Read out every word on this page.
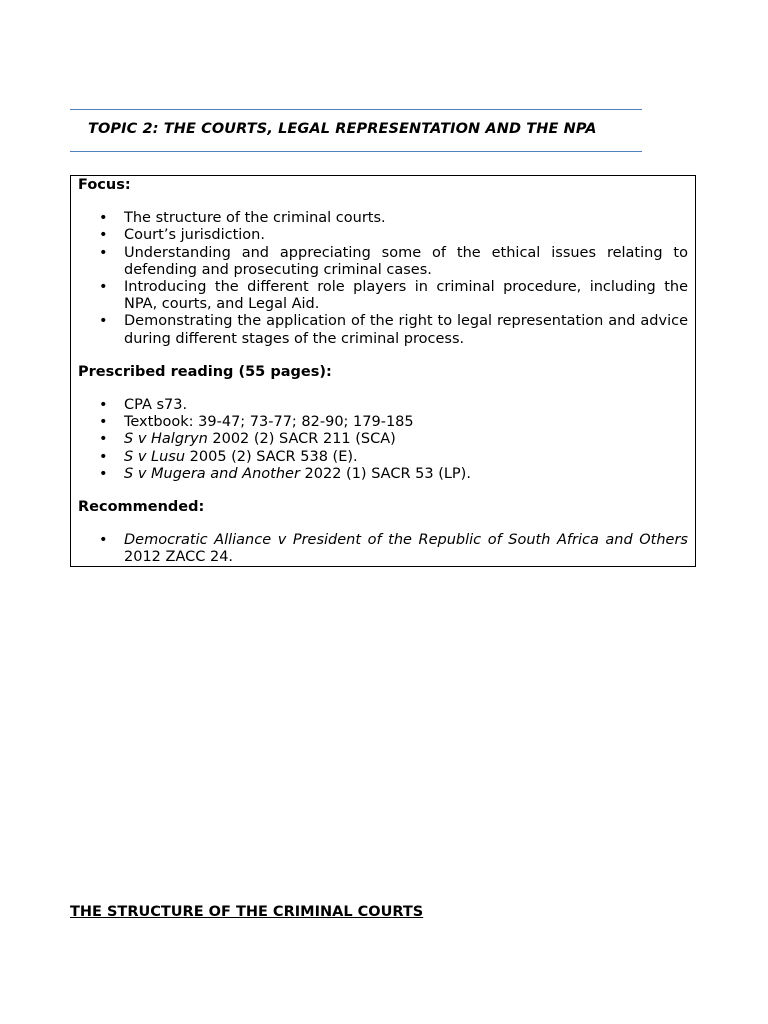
TOPIC 2: THE COURTS, LEGAL REPRESENTATION AND THE NPA

Focus:

• The structure of the criminal courts.
• Court’s jurisdiction.
• Understanding and appreciating some of the ethical issues relating to defending and prosecuting criminal cases.
• Introducing the different role players in criminal procedure, including the NPA, courts, and Legal Aid.
• Demonstrating the application of the right to legal representation and advice during different stages of the criminal process.

Prescribed reading (55 pages):

• CPA s73.
• Textbook: 39-47; 73-77; 82-90; 179-185
• S v Halgryn 2002 (2) SACR 211 (SCA)
• S v Lusu 2005 (2) SACR 538 (E).
• S v Mugera and Another 2022 (1) SACR 53 (LP).

Recommended:

• Democratic Alliance v President of the Republic of South Africa and Others 2012 ZACC 24.
THE STRUCTURE OF THE CRIMINAL COURTS
